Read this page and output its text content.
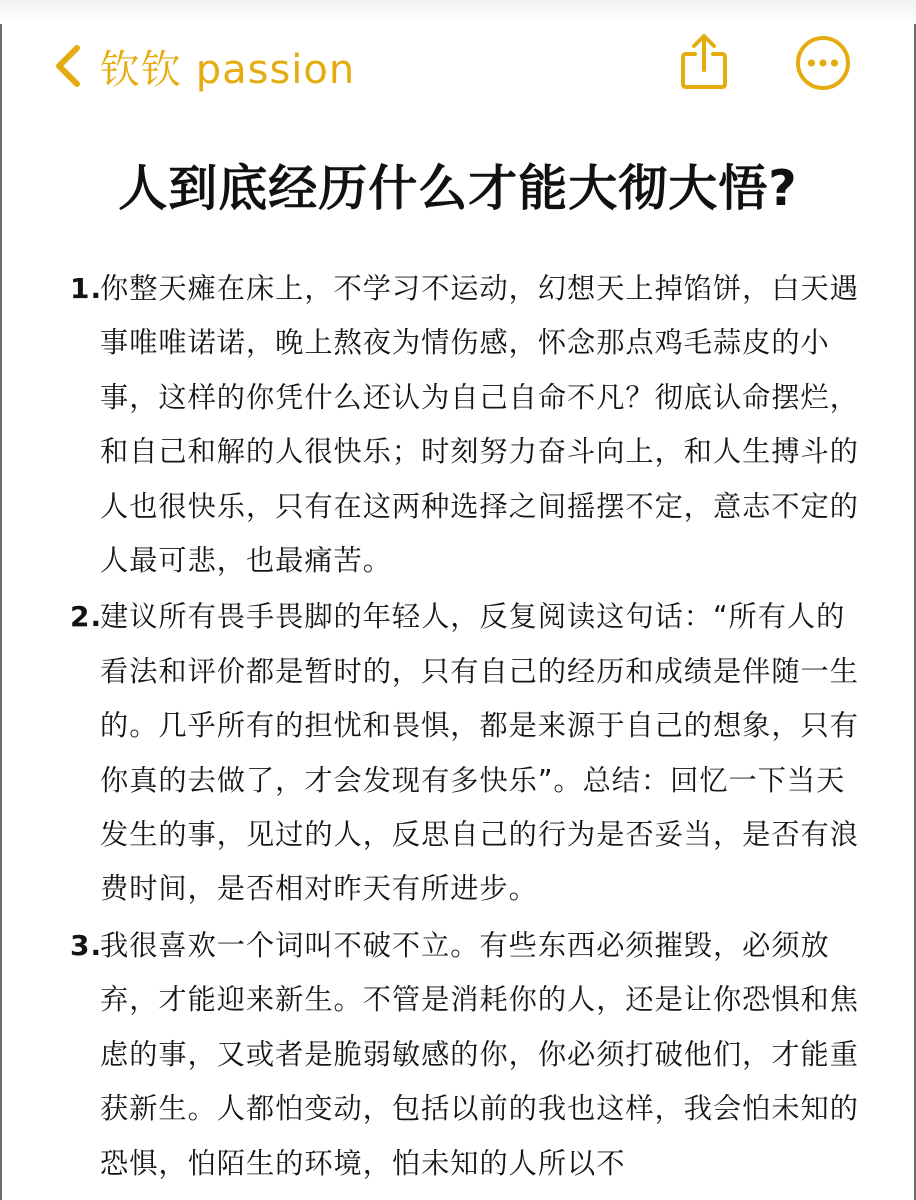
钦钦 passion
人到底经历什么才能大彻大悟?
1.
你整天瘫在床上，不学习不运动，幻想天上掉馅饼，白天遇事唯唯诺诺，晚上熬夜为情伤感，怀念那点鸡毛蒜皮的小事，这样的你凭什么还认为自己自命不凡？彻底认命摆烂，和自己和解的人很快乐；时刻努力奋斗向上，和人生搏斗的人也很快乐，只有在这两种选择之间摇摆不定，意志不定的人最可悲，也最痛苦。
2.
建议所有畏手畏脚的年轻人，反复阅读这句话：“所有人的看法和评价都是暂时的，只有自己的经历和成绩是伴随一生的。几乎所有的担忧和畏惧，都是来源于自己的想象，只有你真的去做了，才会发现有多快乐”。总结：回忆一下当天发生的事，见过的人，反思自己的行为是否妥当，是否有浪费时间，是否相对昨天有所进步。
3.
我很喜欢一个词叫不破不立。有些东西必须摧毁，必须放弃，才能迎来新生。不管是消耗你的人，还是让你恐惧和焦虑的事，又或者是脆弱敏感的你，你必须打破他们，才能重获新生。人都怕变动，包括以前的我也这样，我会怕未知的恐惧，怕陌生的环境，怕未知的人所以不
